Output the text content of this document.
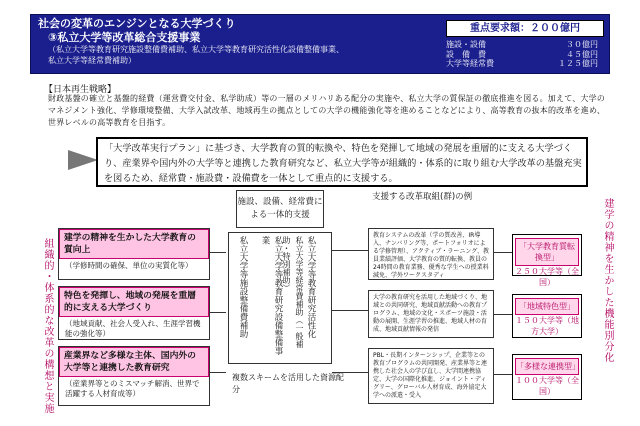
社会の変革のエンジンとなる大学づくり
③私立大学等改革総合支援事業
（私立大学等教育研究施設整備費補助、私立大学等教育研究活性化設備整備事業、
私立大学等経常費補助）
重点要求額：２００億円
施設・設備	３０億円
設　備　費	４５億円
大学等経常費	１２５億円
【日本再生戦略】
財政基盤の確立と基盤的経費（運営費交付金、私学助成）等の一層のメリハリある配分の実施や、私立大学の質保証の徹底推進を図る。加えて、大学のマネジメント強化、学修環境整備、大学入試改革、地域再生の拠点としての大学の機能強化等を進めることなどにより、高等教育の抜本的改革を進め、世界レベルの高等教育を目指す。
「大学改革実行プラン」に基づき、大学教育の質的転換や、特色を発揮して地域の発展を重層的に支える大学づくり、産業界や国内外の大学等と連携した教育研究など、私立大学等が組織的・体系的に取り組む大学改革の基盤充実を図るため、経常費・施設費・設備費を一体として重点的に支援する。
施設、設備、経常費による一体的支援
支援する改革取組(群)の例
組織的・体系的な改革の構想と実施	建学の精神を生かした機能別分化
建学の精神を生かした大学教育の質向上
（学修時間の確保、単位の実質化等）
特色を発揮し、地域の発展を重層的に支える大学づくり
（地域貢献、社会人受入れ、生涯学習機能の強化等）
産業界など多様な主体、国内外の大学等と連携した教育研究
（産業界等とのミスマッチ解消、世界で活躍する人材育成等）
私立大学等施設整備費補助	私立大学等教育研究設備整備事業	私立大学等経常費補助（一般補助・特別補助）	私立大学等教育研究活性化
複数スキームを活用した資源配分
教育システムの改革（学の質改善、IR導入、ナンバリング等、ポートフォリオによる学修管理）、アクティブ・ラーニング、教員業績評価、大学教育の質的転換、教員の24時間の教育業務、優秀な学生への授業料減免、学外ワークスタディ
大学の教育研究を活用した地域づくり、地域との共同研究、地域貢献活動への教育プログラム、地域の文化・スポーツ施設・活動の展開、生涯学習の推進、地域人材の育成、地域貢献情報の発信
PBL・長期インターンシップ、企業等との教育プログラムの共同開発、産業界等と連携した社会人の学び直し、大学間連携協定、大学の国際化推進、ジョイント・ディグリー、グローバル人材育成、海外協定大学への派遣・受入
「大学教育質転換型」
２５０大学等（全国）
「地域特色型」
１５０大学等（地方大学）
「多様な連携型」
１００大学等（全国）
